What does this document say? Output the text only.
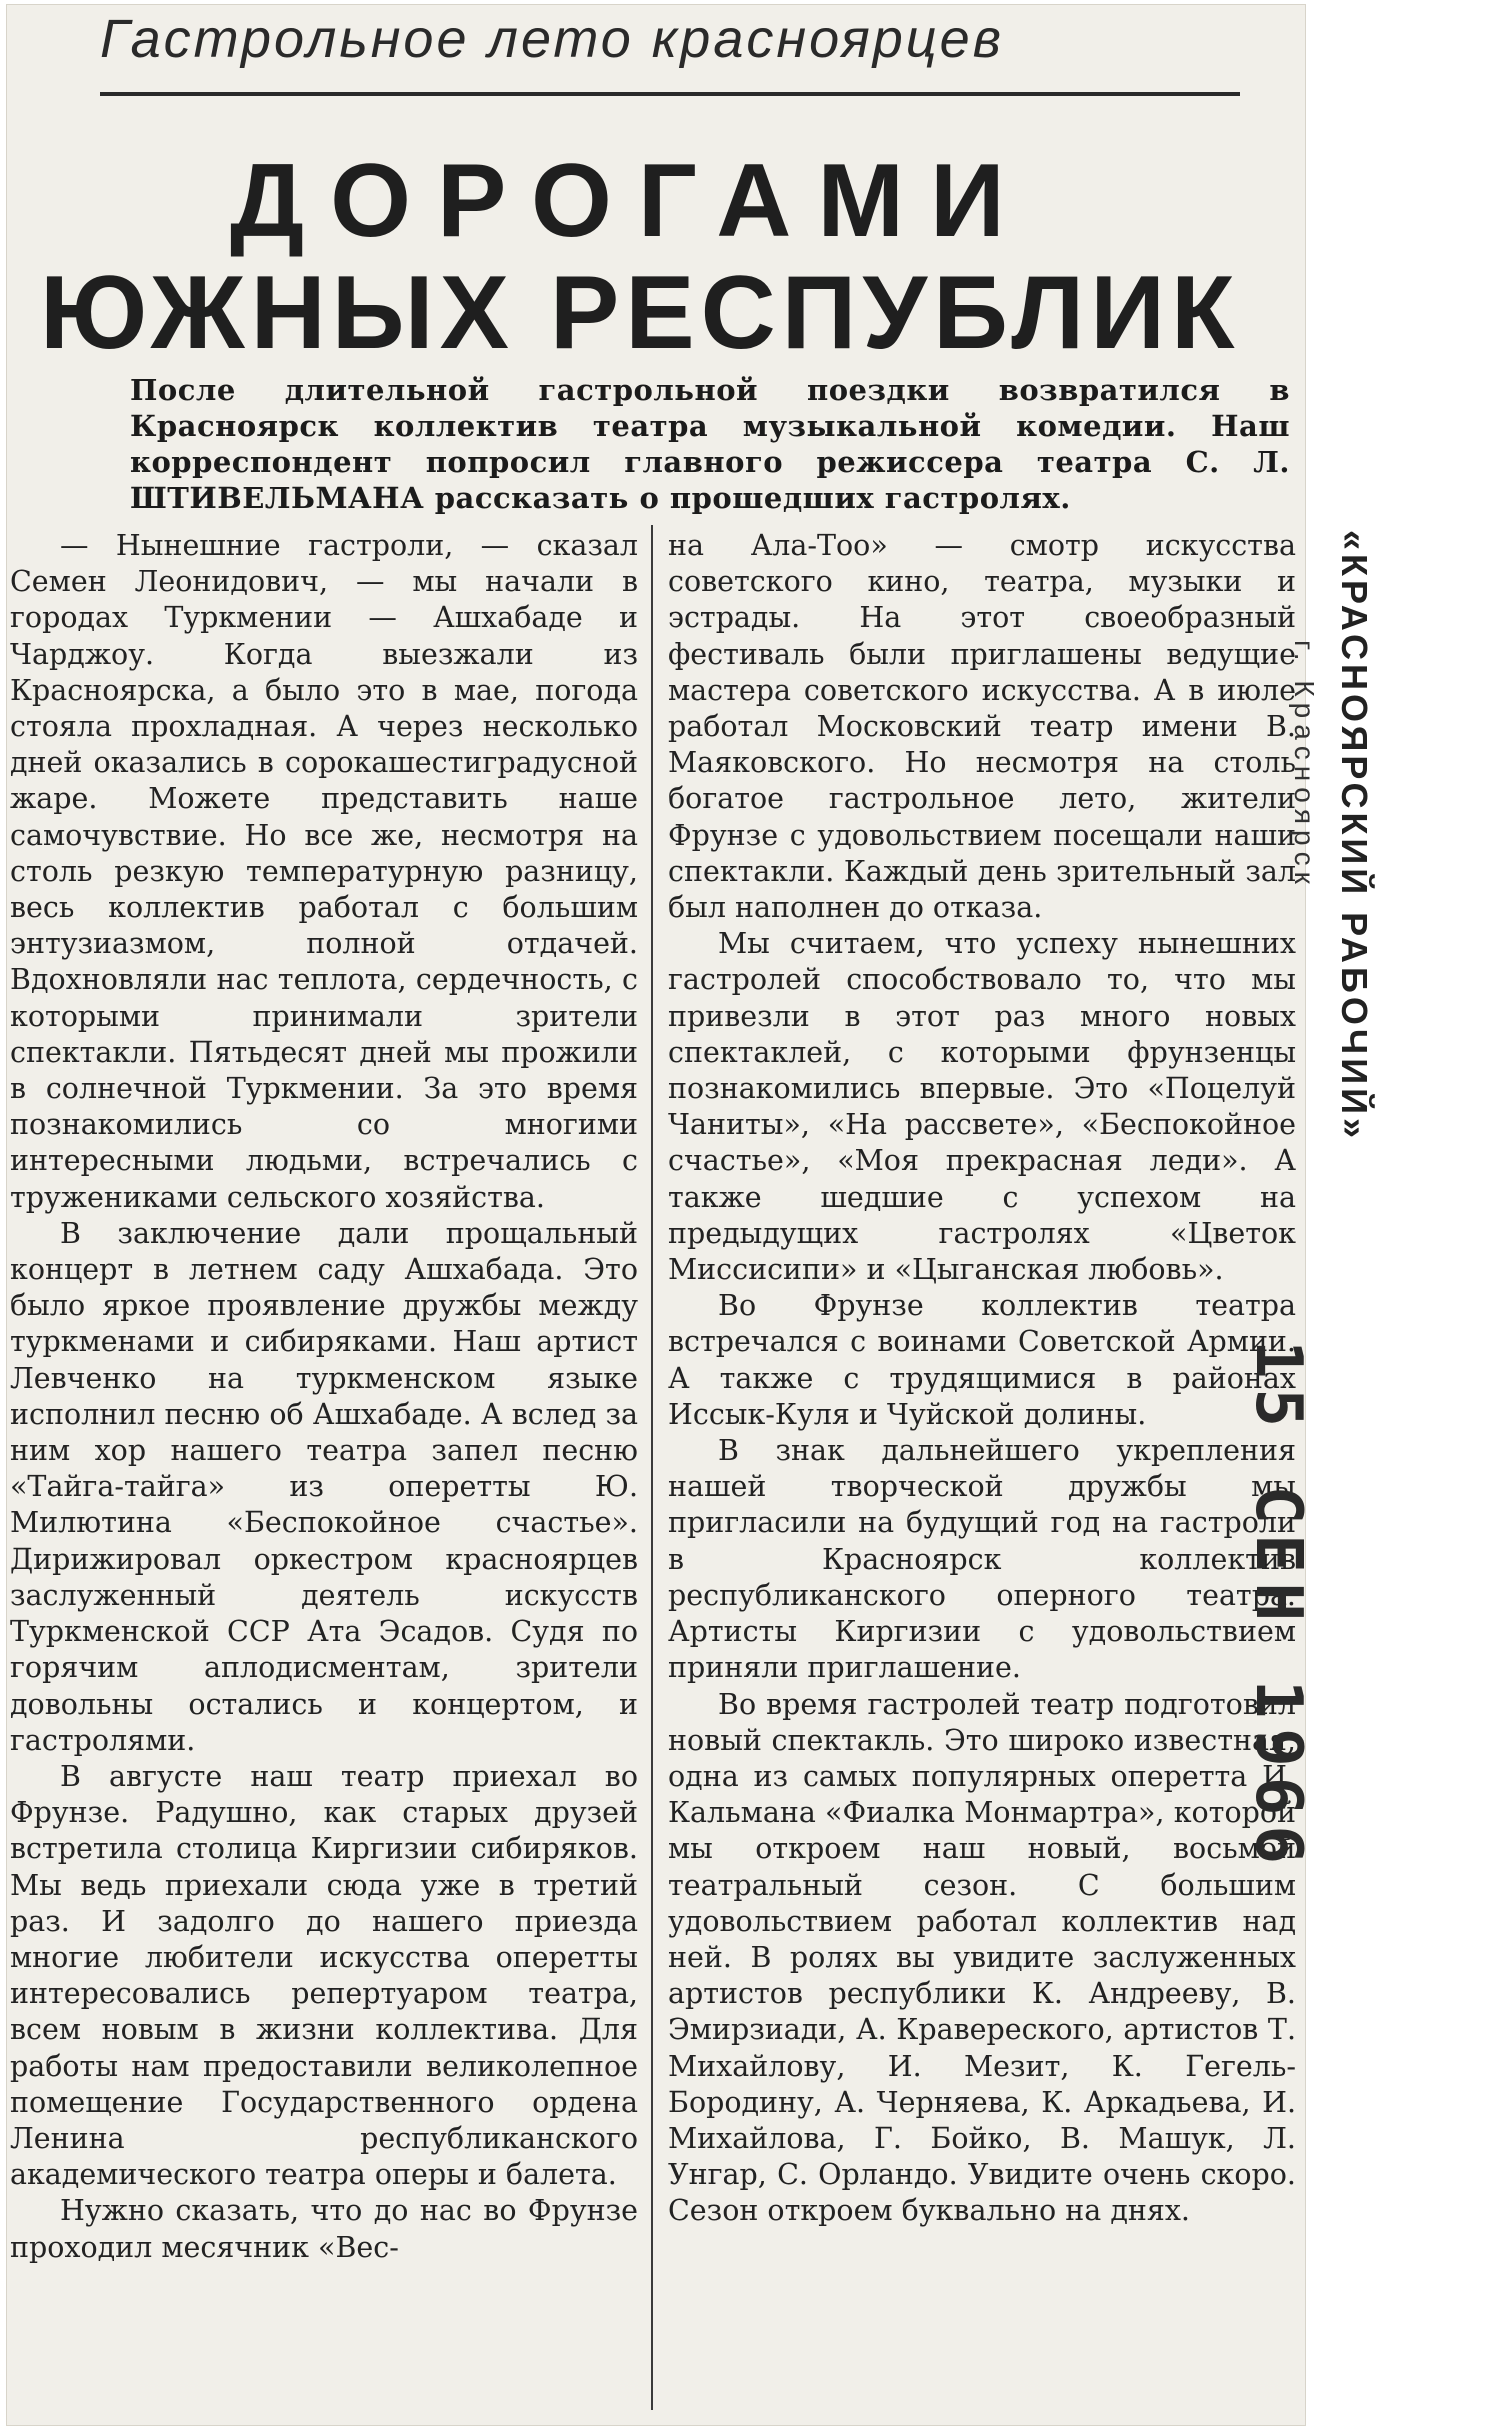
Гастрольное лето красноярцев
ДОРОГАМИ
ЮЖНЫХ РЕСПУБЛИК
После длительной гастрольной поездки возвратился в Красноярск коллектив театра музыкальной комедии. Наш корреспондент попросил главного режиссера театра С. Л. ШТИВЕЛЬМАНА рассказать о прошедших гастролях.

— Нынешние гастроли, — сказал Семен Леонидович, — мы начали в городах Туркмении — Ашхабаде и Чарджоу. Когда выезжали из Красноярска, а было это в мае, погода стояла прохладная. А через несколько дней оказались в сорокашестиградусной жаре. Можете представить наше самочувствие. Но все же, несмотря на столь резкую температурную разницу, весь коллектив работал с большим энтузиазмом, полной отдачей. Вдохновляли нас теплота, сердечность, с которыми принимали зрители спектакли. Пятьдесят дней мы прожили в солнечной Туркмении. За это время познакомились со многими интересными людьми, встречались с тружениками сельского хозяйства.

В заключение дали прощальный концерт в летнем саду Ашхабада. Это было яркое проявление дружбы между туркменами и сибиряками. Наш артист Левченко на туркменском языке исполнил песню об Ашхабаде. А вслед за ним хор нашего театра запел песню «Тайга-тайга» из оперетты Ю. Милютина «Беспокойное счастье». Дирижировал оркестром красноярцев заслуженный деятель искусств Туркменской ССР Ата Эсадов. Судя по горячим аплодисментам, зрители довольны остались и концертом, и гастролями.

В августе наш театр приехал во Фрунзе. Радушно, как старых друзей встретила столица Киргизии сибиряков. Мы ведь приехали сюда уже в третий раз. И задолго до нашего приезда многие любители искусства оперетты интересовались репертуаром театра, всем новым в жизни коллектива. Для работы нам предоставили великолепное помещение Государственного ордена Ленина республиканского академического театра оперы и балета.

Нужно сказать, что до нас во Фрунзе проходил месячник «Вес-

на Ала-Тоо» — смотр искусства советского кино, театра, музыки и эстрады. На этот своеобразный фестиваль были приглашены ведущие мастера советского искусства. А в июле работал Московский театр имени В. Маяковского. Но несмотря на столь богатое гастрольное лето, жители Фрунзе с удовольствием посещали наши спектакли. Каждый день зрительный зал был наполнен до отказа.

Мы считаем, что успеху нынешних гастролей способствовало то, что мы привезли в этот раз много новых спектаклей, с которыми фрунзенцы познакомились впервые. Это «Поцелуй Чаниты», «На рассвете», «Беспокойное счастье», «Моя прекрасная леди». А также шедшие с успехом на предыдущих гастролях «Цветок Миссисипи» и «Цыганская любовь».

Во Фрунзе коллектив театра встречался с воинами Советской Армии. А также с трудящимися в районах Иссык-Куля и Чуйской долины.

В знак дальнейшего укрепления нашей творческой дружбы мы пригласили на будущий год на гастроли в Красноярск коллектив республиканского оперного театра. Артисты Киргизии с удовольствием приняли приглашение.

Во время гастролей театр подготовил новый спектакль. Это широко известная, одна из самых популярных оперетта И. Кальмана «Фиалка Монмартра», которой мы откроем наш новый, восьмой театральный сезон. С большим удовольствием работал коллектив над ней. В ролях вы увидите заслуженных артистов республики К. Андрееву, В. Эмирзиади, А. Кравереского, артистов Т. Михайлову, И. Мезит, К. Гегель-Бородину, А. Черняева, К. Аркадьева, И. Михайлова, Г. Бойко, В. Машук, Л. Унгар, С. Орландо. Увидите очень скоро. Сезон откроем буквально на днях.

г. Красноярск «КРАСНОЯРСКИЙ РАБОЧИЙ»
15 СЕН 1966
